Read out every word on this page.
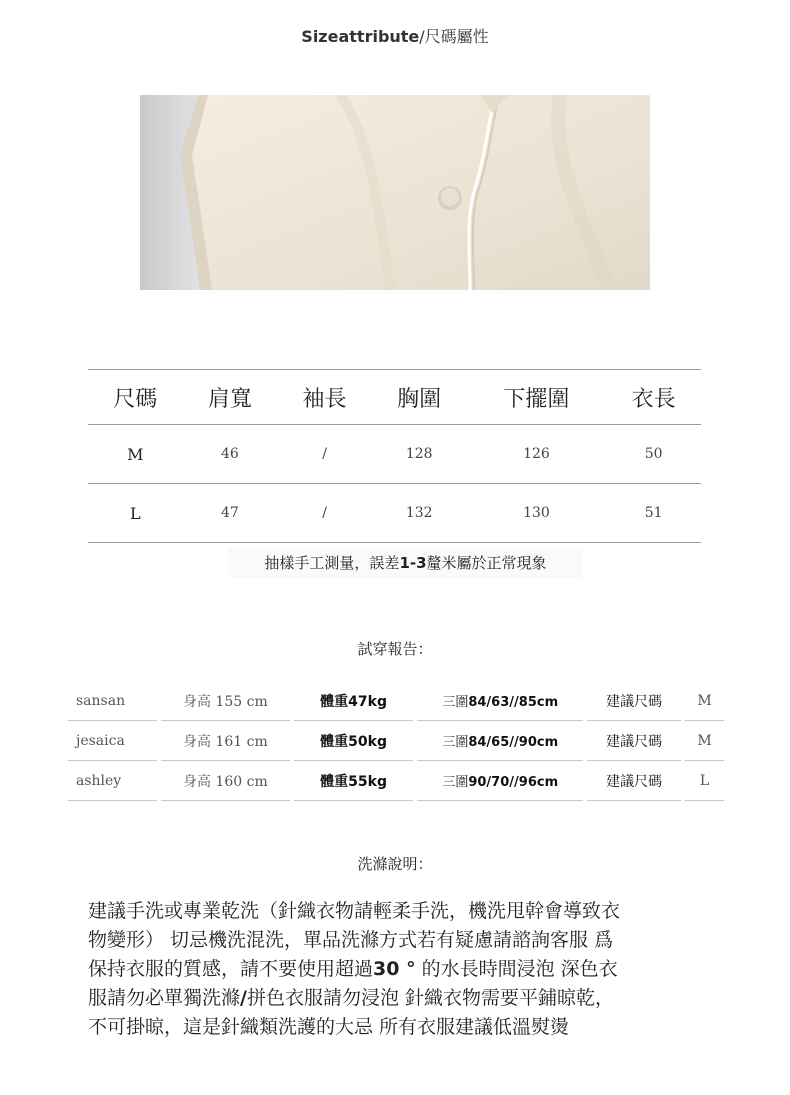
Sizeattribute/尺碼屬性
尺碼	肩寬	袖長	胸圍	下擺圍	衣長
M	46	/	128	126	50
L	47	/	132	130	51
抽樣手工測量，誤差1-3釐米屬於正常現象
試穿報告：
sansan	身高 155 cm	體重47kg	三圍84/63//85cm	建議尺碼	M
jesaica	身高 161 cm	體重50kg	三圍84/65//90cm	建議尺碼	M
ashley	身高 160 cm	體重55kg	三圍90/70//96cm	建議尺碼	L
洗滌說明：
建議手洗或專業乾洗（針織衣物請輕柔手洗，機洗甩幹會導致衣
物變形） 切忌機洗混洗，單品洗滌方式若有疑慮請諮詢客服 爲
保持衣服的質感，請不要使用超過30 ° 的水長時間浸泡 深色衣
服請勿必單獨洗滌/拼色衣服請勿浸泡 針織衣物需要平鋪晾乾，
不可掛晾，這是針織類洗護的大忌 所有衣服建議低溫熨燙
